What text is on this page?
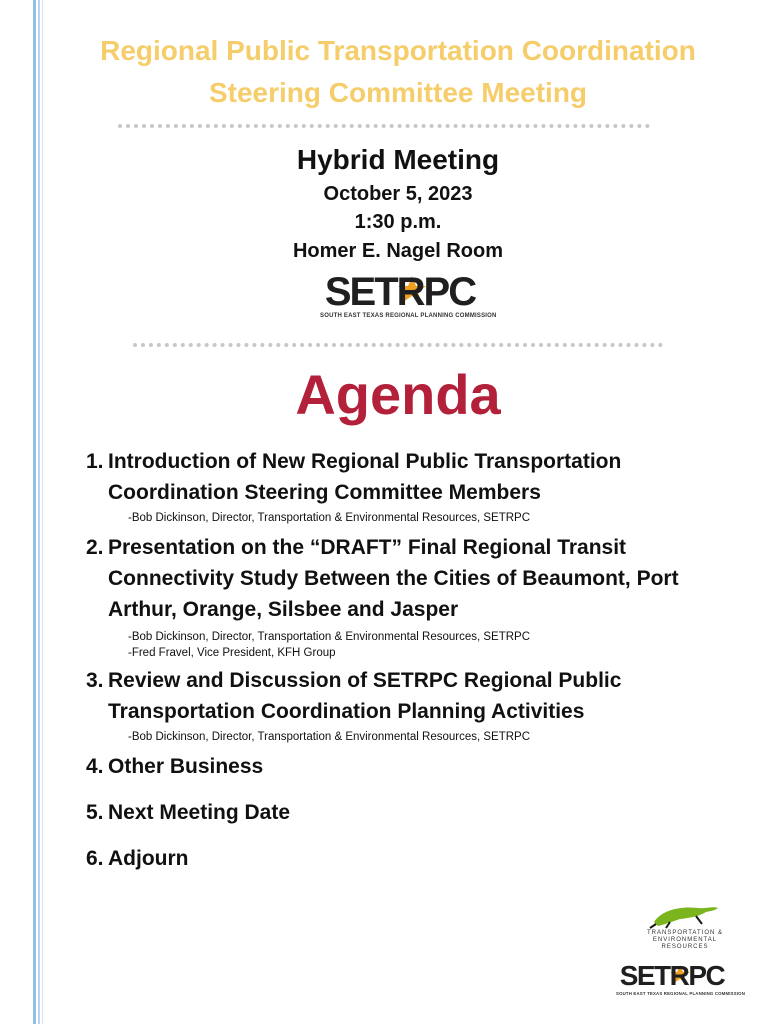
Regional Public Transportation Coordination
Steering Committee Meeting
Hybrid Meeting
October 5, 2023
1:30 p.m.
Homer E. Nagel Room
SETRPC
SOUTH EAST TEXAS REGIONAL PLANNING COMMISSION
Agenda
1. Introduction of New Regional Public Transportation Coordination Steering Committee Members
-Bob Dickinson, Director, Transportation & Environmental Resources, SETRPC
2. Presentation on the “DRAFT” Final Regional Transit Connectivity Study Between the Cities of Beaumont, Port Arthur, Orange, Silsbee and Jasper
-Bob Dickinson, Director, Transportation & Environmental Resources, SETRPC
-Fred Fravel, Vice President, KFH Group
3. Review and Discussion of SETRPC Regional Public Transportation Coordination Planning Activities
-Bob Dickinson, Director, Transportation & Environmental Resources, SETRPC
4. Other Business
5. Next Meeting Date
6. Adjourn
TRANSPORTATION & ENVIRONMENTAL RESOURCES
SETRPC
SOUTH EAST TEXAS REGIONAL PLANNING COMMISSION
